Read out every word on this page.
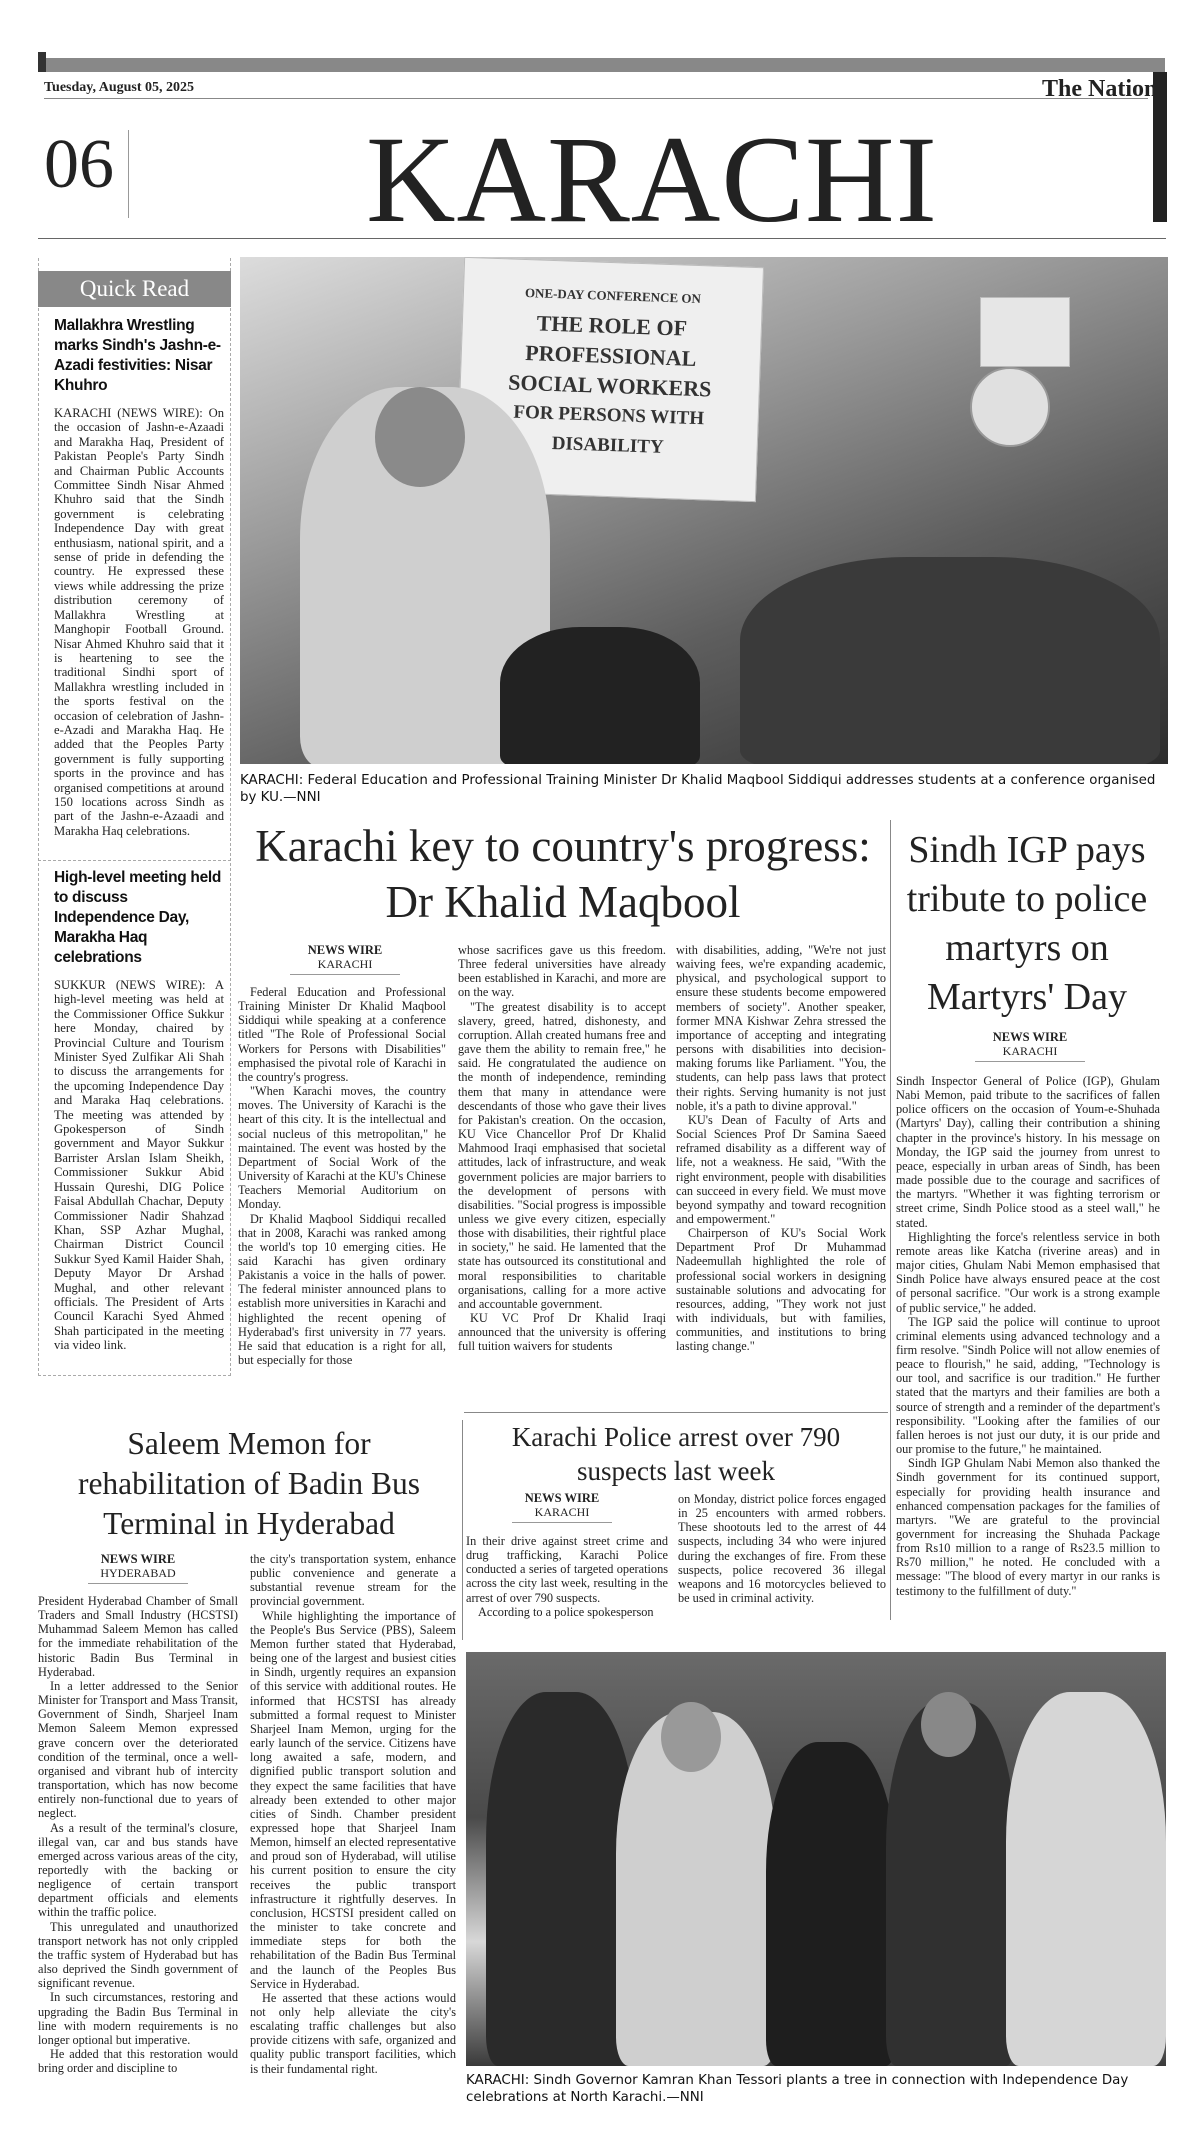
Tuesday, August 05, 2025	The Nation
06 KARACHI
Quick Read
Mallakhra Wrestling marks Sindh's Jashn-e-Azadi festivities: Nisar Khuhro
KARACHI (NEWS WIRE): On the occasion of Jashn-e-Azaadi and Marakha Haq, President of Pakistan People's Party Sindh and Chairman Public Accounts Committee Sindh Nisar Ahmed Khuhro said that the Sindh government is celebrating Independence Day with great enthusiasm, national spirit, and a sense of pride in defending the country. He expressed these views while addressing the prize distribution ceremony of Mallakhra Wrestling at Manghopir Football Ground. Nisar Ahmed Khuhro said that it is heartening to see the traditional Sindhi sport of Mallakhra wrestling included in the sports festival on the occasion of celebration of Jashn-e-Azadi and Marakha Haq. He added that the Peoples Party government is fully supporting sports in the province and has organised competitions at around 150 locations across Sindh as part of the Jashn-e-Azaadi and Marakha Haq celebrations.
High-level meeting held to discuss Independence Day, Marakha Haq celebrations
SUKKUR (NEWS WIRE): A high-level meeting was held at the Commissioner Office Sukkur here Monday, chaired by Provincial Culture and Tourism Minister Syed Zulfikar Ali Shah to discuss the arrangements for the upcoming Independence Day and Maraka Haq celebrations. The meeting was attended by Gpokesperson of Sindh government and Mayor Sukkur Barrister Arslan Islam Sheikh, Commissioner Sukkur Abid Hussain Qureshi, DIG Police Faisal Abdullah Chachar, Deputy Commissioner Nadir Shahzad Khan, SSP Azhar Mughal, Chairman District Council Sukkur Syed Kamil Haider Shah, Deputy Mayor Dr Arshad Mughal, and other relevant officials. The President of Arts Council Karachi Syed Ahmed Shah participated in the meeting via video link.
ONE-DAY CONFERENCE ON
THE ROLE OF PROFESSIONAL
SOCIAL WORKERS
FOR PERSONS WITH DISABILITY
KARACHI: Federal Education and Professional Training Minister Dr Khalid Maqbool Siddiqui addresses students at a conference organised by KU.—NNI
Karachi key to country's progress: Dr Khalid Maqbool
NEWS WIRE
KARACHI

Federal Education and Professional Training Minister Dr Khalid Maqbool Siddiqui while speaking at a conference titled "The Role of Professional Social Workers for Persons with Disabilities" emphasised the pivotal role of Karachi in the country's progress.

"When Karachi moves, the country moves. The University of Karachi is the heart of this city. It is the intellectual and social nucleus of this metropolitan," he maintained. The event was hosted by the Department of Social Work of the University of Karachi at the KU's Chinese Teachers Memorial Auditorium on Monday.

Dr Khalid Maqbool Siddiqui recalled that in 2008, Karachi was ranked among the world's top 10 emerging cities. He said Karachi has given ordinary Pakistanis a voice in the halls of power. The federal minister announced plans to establish more universities in Karachi and highlighted the recent opening of Hyderabad's first university in 77 years. He said that education is a right for all, but especially for those

whose sacrifices gave us this freedom. Three federal universities have already been established in Karachi, and more are on the way.

"The greatest disability is to accept slavery, greed, hatred, dishonesty, and corruption. Allah created humans free and gave them the ability to remain free," he said. He congratulated the audience on the month of independence, reminding them that many in attendance were descendants of those who gave their lives for Pakistan's creation. On the occasion, KU Vice Chancellor Prof Dr Khalid Mahmood Iraqi emphasised that societal attitudes, lack of infrastructure, and weak government policies are major barriers to the development of persons with disabilities. "Social progress is impossible unless we give every citizen, especially those with disabilities, their rightful place in society," he said. He lamented that the state has outsourced its constitutional and moral responsibilities to charitable organisations, calling for a more active and accountable government.

KU VC Prof Dr Khalid Iraqi announced that the university is offering full tuition waivers for students

with disabilities, adding, "We're not just waiving fees, we're expanding academic, physical, and psychological support to ensure these students become empowered members of society". Another speaker, former MNA Kishwar Zehra stressed the importance of accepting and integrating persons with disabilities into decision-making forums like Parliament. "You, the students, can help pass laws that protect their rights. Serving humanity is not just noble, it's a path to divine approval."

KU's Dean of Faculty of Arts and Social Sciences Prof Dr Samina Saeed reframed disability as a different way of life, not a weakness. He said, "With the right environment, people with disabilities can succeed in every field. We must move beyond sympathy and toward recognition and empowerment."

Chairperson of KU's Social Work Department Prof Dr Muhammad Nadeemullah highlighted the role of professional social workers in designing sustainable solutions and advocating for resources, adding, "They work not just with individuals, but with families, communities, and institutions to bring lasting change."

Sindh IGP pays tribute to police martyrs on Martyrs' Day
NEWS WIRE
KARACHI

Sindh Inspector General of Police (IGP), Ghulam Nabi Memon, paid tribute to the sacrifices of fallen police officers on the occasion of Youm-e-Shuhada (Martyrs' Day), calling their contribution a shining chapter in the province's history. In his message on Monday, the IGP said the journey from unrest to peace, especially in urban areas of Sindh, has been made possible due to the courage and sacrifices of the martyrs. "Whether it was fighting terrorism or street crime, Sindh Police stood as a steel wall," he stated.

Highlighting the force's relentless service in both remote areas like Katcha (riverine areas) and in major cities, Ghulam Nabi Memon emphasised that Sindh Police have always ensured peace at the cost of personal sacrifice. "Our work is a strong example of public service," he added.

The IGP said the police will continue to uproot criminal elements using advanced technology and a firm resolve. "Sindh Police will not allow enemies of peace to flourish," he said, adding, "Technology is our tool, and sacrifice is our tradition." He further stated that the martyrs and their families are both a source of strength and a reminder of the department's responsibility. "Looking after the families of our fallen heroes is not just our duty, it is our pride and our promise to the future," he maintained.

Sindh IGP Ghulam Nabi Memon also thanked the Sindh government for its continued support, especially for providing health insurance and enhanced compensation packages for the families of martyrs. "We are grateful to the provincial government for increasing the Shuhada Package from Rs10 million to a range of Rs23.5 million to Rs70 million," he noted. He concluded with a message: "The blood of every martyr in our ranks is testimony to the fulfillment of duty."

Saleem Memon for rehabilitation of Badin Bus Terminal in Hyderabad
NEWS WIRE
HYDERABAD

President Hyderabad Chamber of Small Traders and Small Industry (HCSTSI) Muhammad Saleem Memon has called for the immediate rehabilitation of the historic Badin Bus Terminal in Hyderabad.

In a letter addressed to the Senior Minister for Transport and Mass Transit, Government of Sindh, Sharjeel Inam Memon Saleem Memon expressed grave concern over the deteriorated condition of the terminal, once a well-organised and vibrant hub of intercity transportation, which has now become entirely non-functional due to years of neglect.

As a result of the terminal's closure, illegal van, car and bus stands have emerged across various areas of the city, reportedly with the backing or negligence of certain transport department officials and elements within the traffic police.

This unregulated and unauthorized transport network has not only crippled the traffic system of Hyderabad but has also deprived the Sindh government of significant revenue.

In such circumstances, restoring and upgrading the Badin Bus Terminal in line with modern requirements is no longer optional but imperative.

He added that this restoration would bring order and discipline to

the city's transportation system, enhance public convenience and generate a substantial revenue stream for the provincial government.

While highlighting the importance of the People's Bus Service (PBS), Saleem Memon further stated that Hyderabad, being one of the largest and busiest cities in Sindh, urgently requires an expansion of this service with additional routes. He informed that HCSTSI has already submitted a formal request to Minister Sharjeel Inam Memon, urging for the early launch of the service. Citizens have long awaited a safe, modern, and dignified public transport solution and they expect the same facilities that have already been extended to other major cities of Sindh. Chamber president expressed hope that Sharjeel Inam Memon, himself an elected representative and proud son of Hyderabad, will utilise his current position to ensure the city receives the public transport infrastructure it rightfully deserves. In conclusion, HCSTSI president called on the minister to take concrete and immediate steps for both the rehabilitation of the Badin Bus Terminal and the launch of the Peoples Bus Service in Hyderabad.

He asserted that these actions would not only help alleviate the city's escalating traffic challenges but also provide citizens with safe, organized and quality public transport facilities, which is their fundamental right.

Karachi Police arrest over 790 suspects last week
NEWS WIRE
KARACHI

In their drive against street crime and drug trafficking, Karachi Police conducted a series of targeted operations across the city last week, resulting in the arrest of over 790 suspects.

According to a police spokesperson

on Monday, district police forces engaged in 25 encounters with armed robbers. These shootouts led to the arrest of 44 suspects, including 34 who were injured during the exchanges of fire. From these suspects, police recovered 36 illegal weapons and 16 motorcycles believed to be used in criminal activity.

KARACHI: Sindh Governor Kamran Khan Tessori plants a tree in connection with Independence Day celebrations at North Karachi.—NNI
